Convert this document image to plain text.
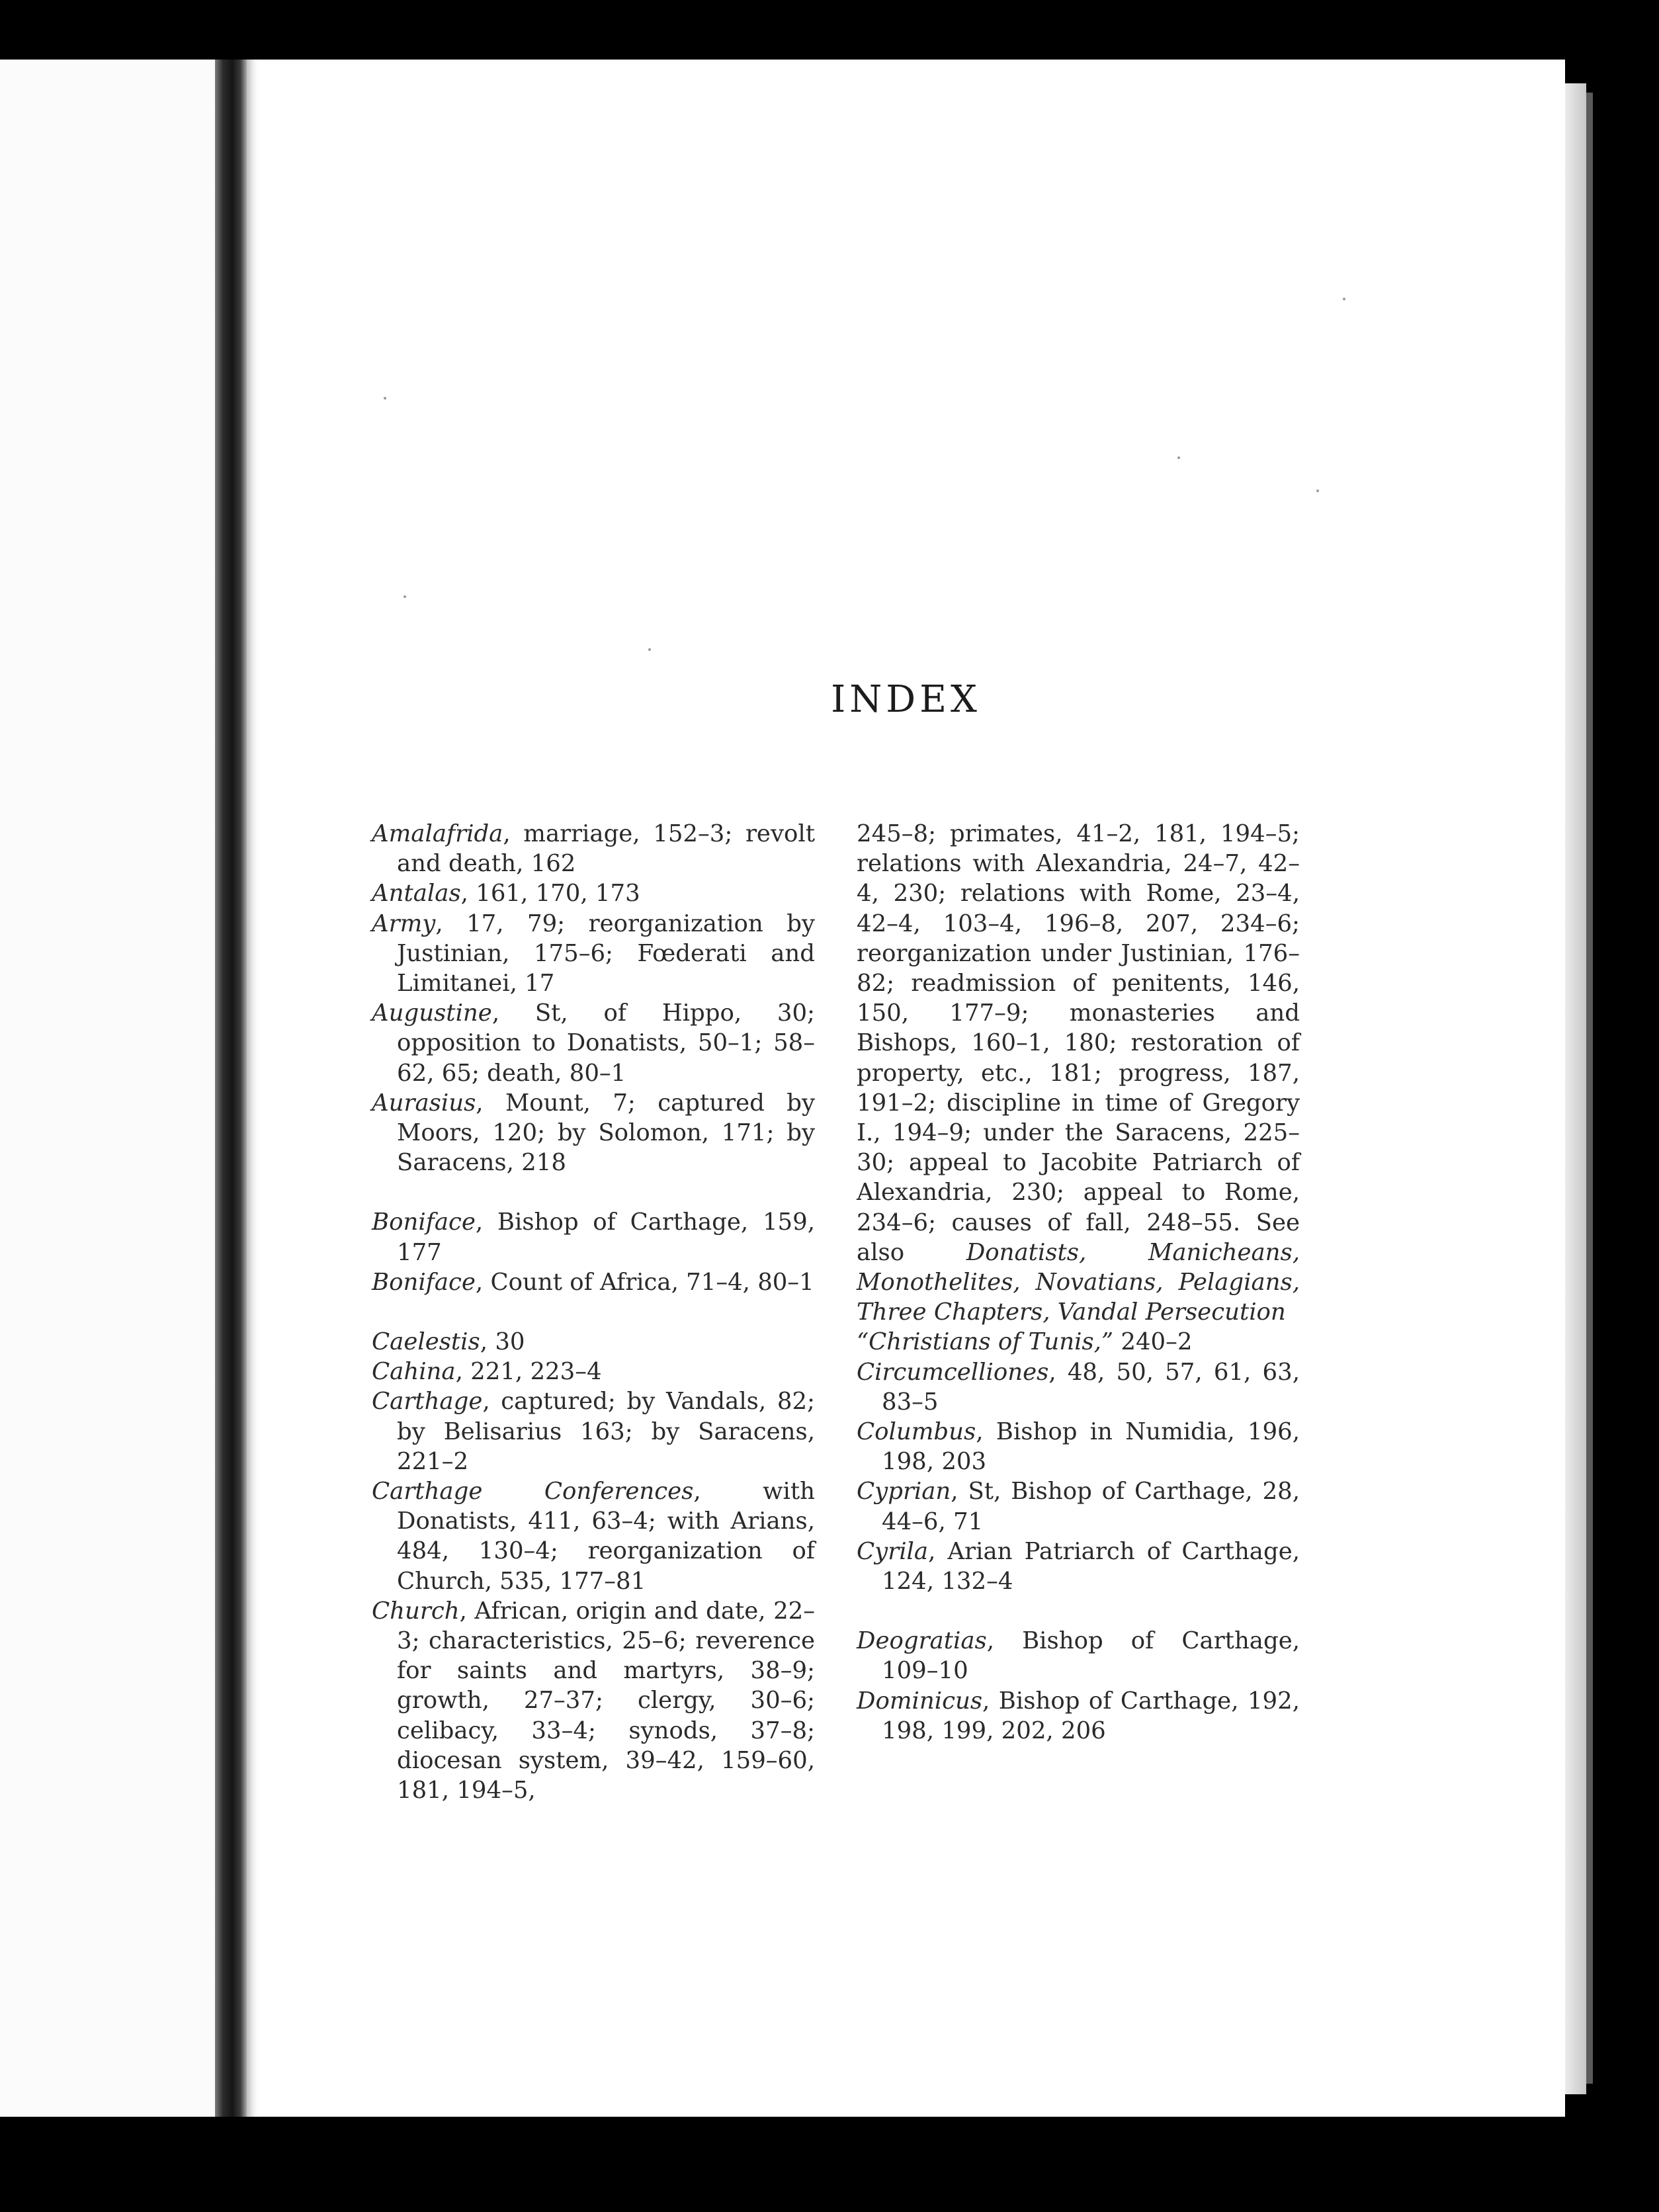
INDEX

Amalafrida, marriage, 152–3; revolt and death, 162

Antalas, 161, 170, 173

Army, 17, 79; reorganization by Justinian, 175–6; Fœderati and Limitanei, 17

Augustine, St, of Hippo, 30; opposition to Donatists, 50–1; 58–62, 65; death, 80–1

Aurasius, Mount, 7; captured by Moors, 120; by Solomon, 171; by Saracens, 218

Boniface, Bishop of Carthage, 159, 177

Boniface, Count of Africa, 71–4, 80–1

Caelestis, 30

Cahina, 221, 223–4

Carthage, captured; by Vandals, 82; by Belisarius 163; by Saracens, 221–2

Carthage Conferences, with Donatists, 411, 63–4; with Arians, 484, 130–4; reorganization of Church, 535, 177–81

Church, African, origin and date, 22–3; characteristics, 25–6; reverence for saints and martyrs, 38–9; growth, 27–37; clergy, 30–6; celibacy, 33–4; synods, 37–8; diocesan system, 39–42, 159–60, 181, 194–5,

245–8; primates, 41–2, 181, 194–5; relations with Alexandria, 24–7, 42–4, 230; relations with Rome, 23–4, 42–4, 103–4, 196–8, 207, 234–6; reorganization under Justinian, 176–82; readmission of penitents, 146, 150, 177–9; monasteries and Bishops, 160–1, 180; restoration of property, etc., 181; progress, 187, 191–2; discipline in time of Gregory I., 194–9; under the Saracens, 225–30; appeal to Jacobite Patriarch of Alexandria, 230; appeal to Rome, 234–6; causes of fall, 248–55. See also Donatists, Manicheans, Monothelites, Novatians, Pelagians, Three Chapters, Vandal Persecution

“Christians of Tunis,” 240–2

Circumcelliones, 48, 50, 57, 61, 63, 83–5

Columbus, Bishop in Numidia, 196, 198, 203

Cyprian, St, Bishop of Carthage, 28, 44–6, 71

Cyrila, Arian Patriarch of Carthage, 124, 132–4

Deogratias, Bishop of Carthage, 109–10

Dominicus, Bishop of Carthage, 192, 198, 199, 202, 206
